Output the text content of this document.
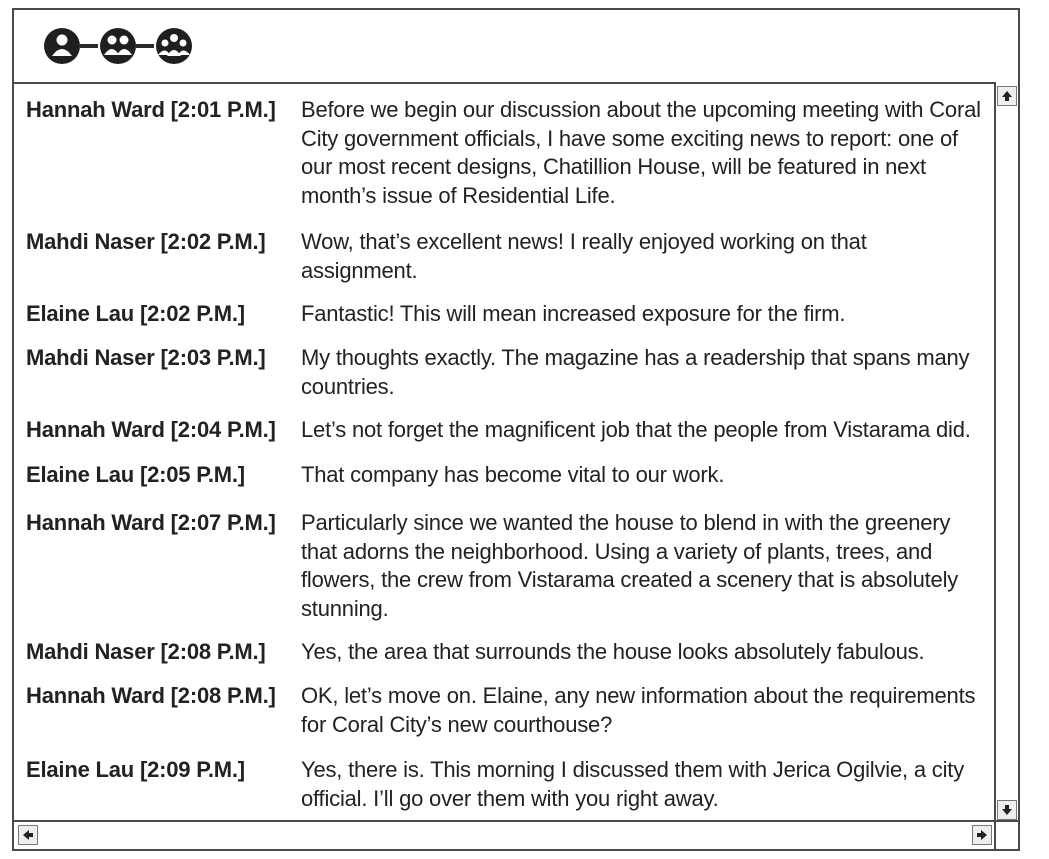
Hannah Ward [2:01 P.M.] Before we begin our discussion about the upcoming meeting with Coral City government officials, I have some exciting news to report: one of our most recent designs, Chatillion House, will be featured in next month’s issue of Residential Life.
Mahdi Naser [2:02 P.M.] Wow, that’s excellent news! I really enjoyed working on that assignment.
Elaine Lau [2:02 P.M.]	Fantastic! This will mean increased exposure for the firm.
Mahdi Naser [2:03 P.M.] My thoughts exactly. The magazine has a readership that spans many countries.
Hannah Ward [2:04 P.M.] Let’s not forget the magnificent job that the people from Vistarama did.
Elaine Lau [2:05 P.M.]	That company has become vital to our work.
Hannah Ward [2:07 P.M.] Particularly since we wanted the house to blend in with the greenery that adorns the neighborhood. Using a variety of plants, trees, and flowers, the crew from Vistarama created a scenery that is absolutely stunning.
Mahdi Naser [2:08 P.M.] Yes, the area that surrounds the house looks absolutely fabulous.
Hannah Ward [2:08 P.M.] OK, let’s move on. Elaine, any new information about the requirements for Coral City’s new courthouse?
Elaine Lau [2:09 P.M.]	Yes, there is. This morning I discussed them with Jerica Ogilvie, a city official. I’ll go over them with you right away.
